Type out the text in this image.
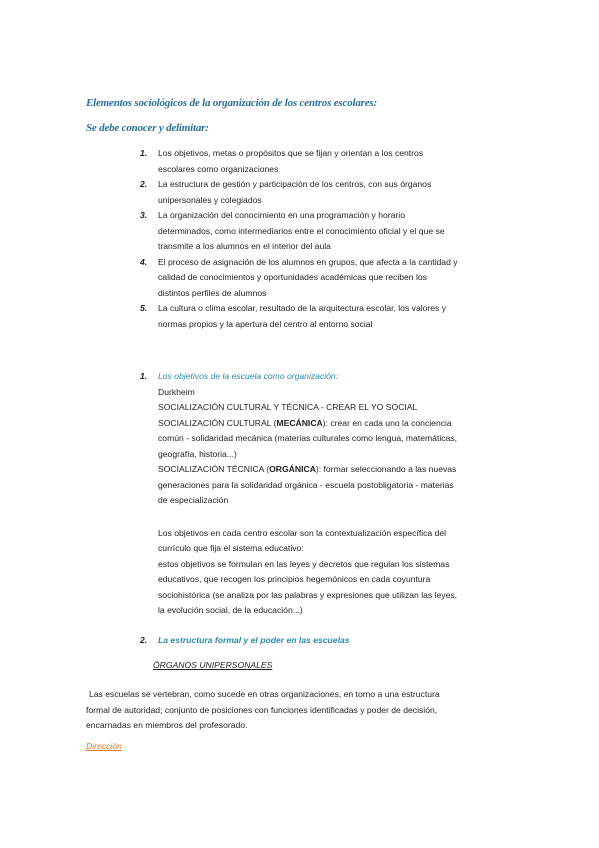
Elementos sociológicos de la organización de los centros escolares:
Se debe conocer y delimitar:
1. Los objetivos, metas o propósitos que se fijan y orientan a los centros
escolares como organizaciones
2. La estructura de gestión y participación de los centros, con sus órganos
unipersonales y colegiados
3. La organización del conocimiento en una programación y horario
determinados, como intermediarios entre el conocimiento oficial y el que se
transmite a los alumnos en el interior del aula
4. El proceso de asignación de los alumnos en grupos, que afecta a la cantidad y
calidad de conocimientos y oportunidades académicas que reciben los
distintos perfiles de alumnos
5. La cultura o clima escolar, resultado de la arquitectura escolar, los valores y
normas propios y la apertura del centro al entorno social
1.	Los objetivos de la escuela como organización:
Durkheim
SOCIALIZACIÓN CULTURAL Y TÉCNICA - CREAR EL YO SOCIAL
SOCIALIZACIÓN CULTURAL (MECÁNICA): crear en cada uno la conciencia
común - solidaridad mecánica (materias culturales como lengua, matemáticas,
geografía, historia...)
SOCIALIZACIÓN TÉCNICA (ORGÁNICA): formar seleccionando a las nuevas
generaciones para la solidaridad orgánica - escuela postobligatoria - materias
de especialización
Los objetivos en cada centro escolar son la contextualización específica del
currículo que fija el sistema educativo:
estos objetivos se formulan en las leyes y decretos que regulan los sistemas
educativos, que recogen los principios hegemónicos en cada coyuntura
sociohistórica (se analiza por las palabras y expresiones que utilizan las leyes,
la evolución social, de la educación...)
2.	La estructura formal y el poder en las escuelas
ÓRGANOS UNIPERSONALES
Las escuelas se vertebran, como sucede en otras organizaciones, en torno a una estructura
formal de autoridad; conjunto de posiciones con funciones identificadas y poder de decisión,
encarnadas en miembros del profesorado.
Dirección
